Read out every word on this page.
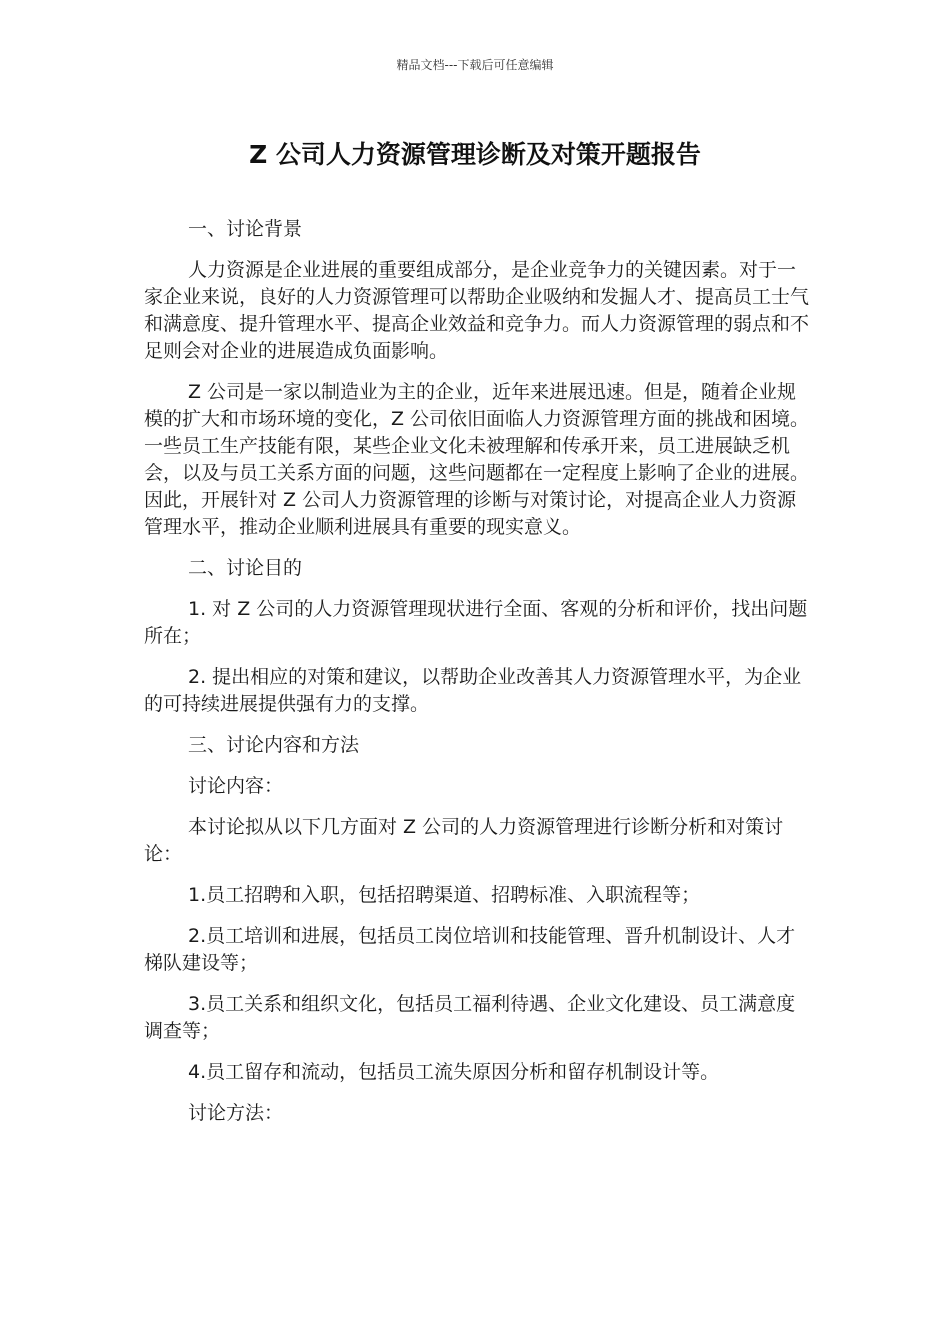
精品文档---下载后可任意编辑
Z 公司人力资源管理诊断及对策开题报告

一、讨论背景

人力资源是企业进展的重要组成部分，是企业竞争力的关键因素。对于一家企业来说，良好的人力资源管理可以帮助企业吸纳和发掘人才、提高员工士气和满意度、提升管理水平、提高企业效益和竞争力。而人力资源管理的弱点和不足则会对企业的进展造成负面影响。

Z 公司是一家以制造业为主的企业，近年来进展迅速。但是，随着企业规模的扩大和市场环境的变化，Z 公司依旧面临人力资源管理方面的挑战和困境。一些员工生产技能有限，某些企业文化未被理解和传承开来，员工进展缺乏机会，以及与员工关系方面的问题，这些问题都在一定程度上影响了企业的进展。因此，开展针对 Z 公司人力资源管理的诊断与对策讨论，对提高企业人力资源管理水平，推动企业顺利进展具有重要的现实意义。

二、讨论目的

1. 对 Z 公司的人力资源管理现状进行全面、客观的分析和评价，找出问题所在；

2. 提出相应的对策和建议，以帮助企业改善其人力资源管理水平，为企业的可持续进展提供强有力的支撑。

三、讨论内容和方法

讨论内容：

本讨论拟从以下几方面对 Z 公司的人力资源管理进行诊断分析和对策讨论：

1.员工招聘和入职，包括招聘渠道、招聘标准、入职流程等；

2.员工培训和进展，包括员工岗位培训和技能管理、晋升机制设计、人才梯队建设等；

3.员工关系和组织文化，包括员工福利待遇、企业文化建设、员工满意度调查等；

4.员工留存和流动，包括员工流失原因分析和留存机制设计等。

讨论方法：
